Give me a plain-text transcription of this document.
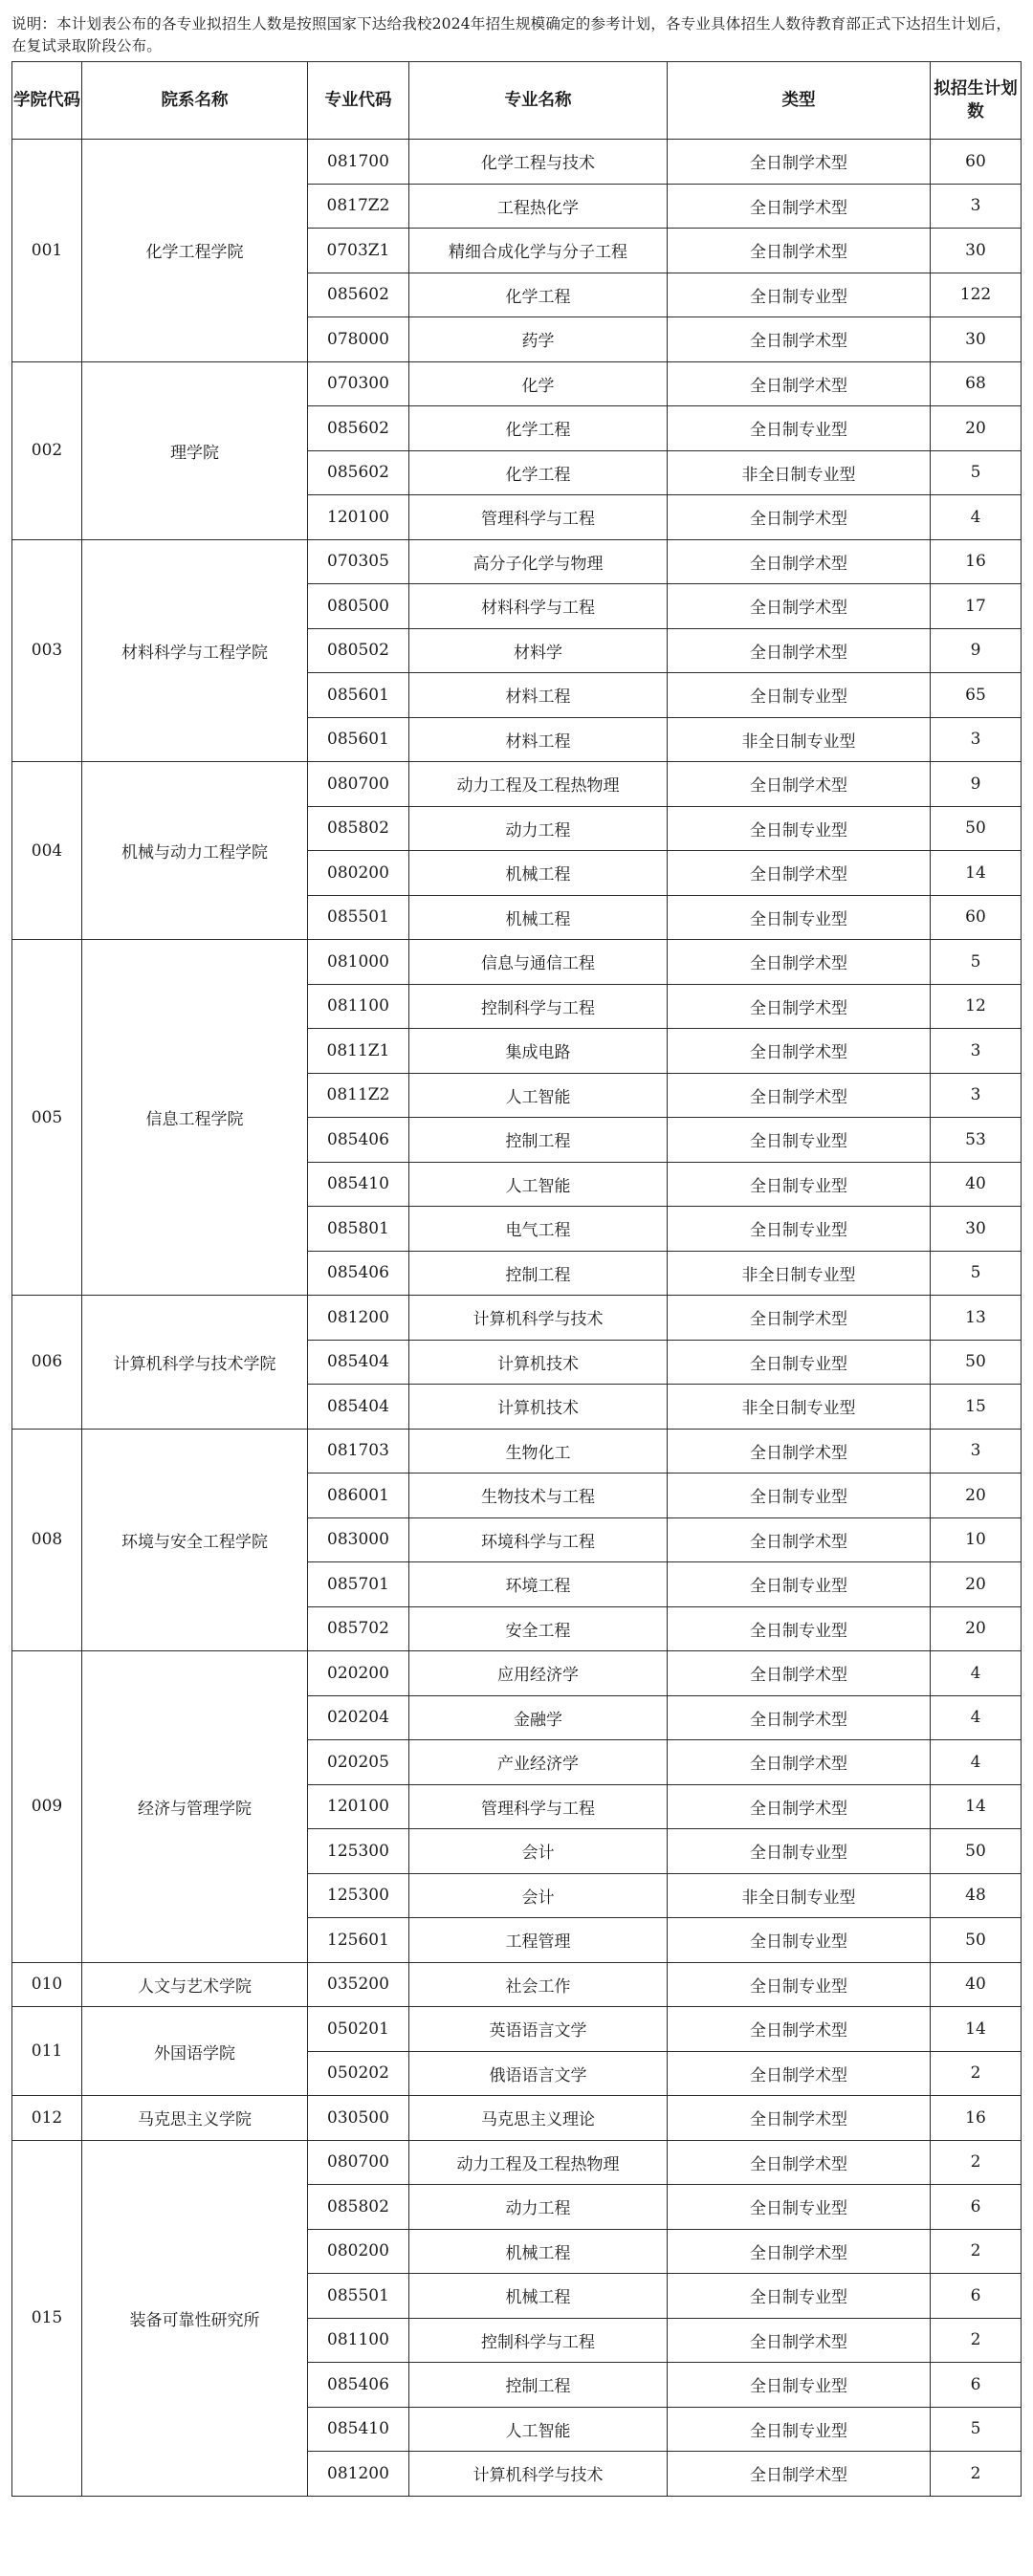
说明：本计划表公布的各专业拟招生人数是按照国家下达给我校2024年招生规模确定的参考计划，各专业具体招生人数待教育部正式下达招生计划后，在复试录取阶段公布。
学院代码	院系名称	专业代码	专业名称	类型	拟招生计划数
001	化学工程学院	081700	化学工程与技术	全日制学术型	60
		0817Z2	工程热化学	全日制学术型	3
		0703Z1	精细合成化学与分子工程	全日制学术型	30
		085602	化学工程	全日制专业型	122
		078000	药学	全日制学术型	30
002	理学院	070300	化学	全日制学术型	68
		085602	化学工程	全日制专业型	20
		085602	化学工程	非全日制专业型	5
		120100	管理科学与工程	全日制学术型	4
003	材料科学与工程学院	070305	高分子化学与物理	全日制学术型	16
		080500	材料科学与工程	全日制学术型	17
		080502	材料学	全日制学术型	9
		085601	材料工程	全日制专业型	65
		085601	材料工程	非全日制专业型	3
004	机械与动力工程学院	080700	动力工程及工程热物理	全日制学术型	9
		085802	动力工程	全日制专业型	50
		080200	机械工程	全日制学术型	14
		085501	机械工程	全日制专业型	60
005	信息工程学院	081000	信息与通信工程	全日制学术型	5
		081100	控制科学与工程	全日制学术型	12
		0811Z1	集成电路	全日制学术型	3
		0811Z2	人工智能	全日制学术型	3
		085406	控制工程	全日制专业型	53
		085410	人工智能	全日制专业型	40
		085801	电气工程	全日制专业型	30
		085406	控制工程	非全日制专业型	5
006	计算机科学与技术学院	081200	计算机科学与技术	全日制学术型	13
		085404	计算机技术	全日制专业型	50
		085404	计算机技术	非全日制专业型	15
008	环境与安全工程学院	081703	生物化工	全日制学术型	3
		086001	生物技术与工程	全日制专业型	20
		083000	环境科学与工程	全日制学术型	10
		085701	环境工程	全日制专业型	20
		085702	安全工程	全日制专业型	20
009	经济与管理学院	020200	应用经济学	全日制学术型	4
		020204	金融学	全日制学术型	4
		020205	产业经济学	全日制学术型	4
		120100	管理科学与工程	全日制学术型	14
		125300	会计	全日制专业型	50
		125300	会计	非全日制专业型	48
		125601	工程管理	全日制专业型	50
010	人文与艺术学院	035200	社会工作	全日制专业型	40
011	外国语学院	050201	英语语言文学	全日制学术型	14
		050202	俄语语言文学	全日制学术型	2
012	马克思主义学院	030500	马克思主义理论	全日制学术型	16
015	装备可靠性研究所	080700	动力工程及工程热物理	全日制学术型	2
		085802	动力工程	全日制专业型	6
		080200	机械工程	全日制学术型	2
		085501	机械工程	全日制专业型	6
		081100	控制科学与工程	全日制学术型	2
		085406	控制工程	全日制专业型	6
		085410	人工智能	全日制专业型	5
		081200	计算机科学与技术	全日制学术型	2
